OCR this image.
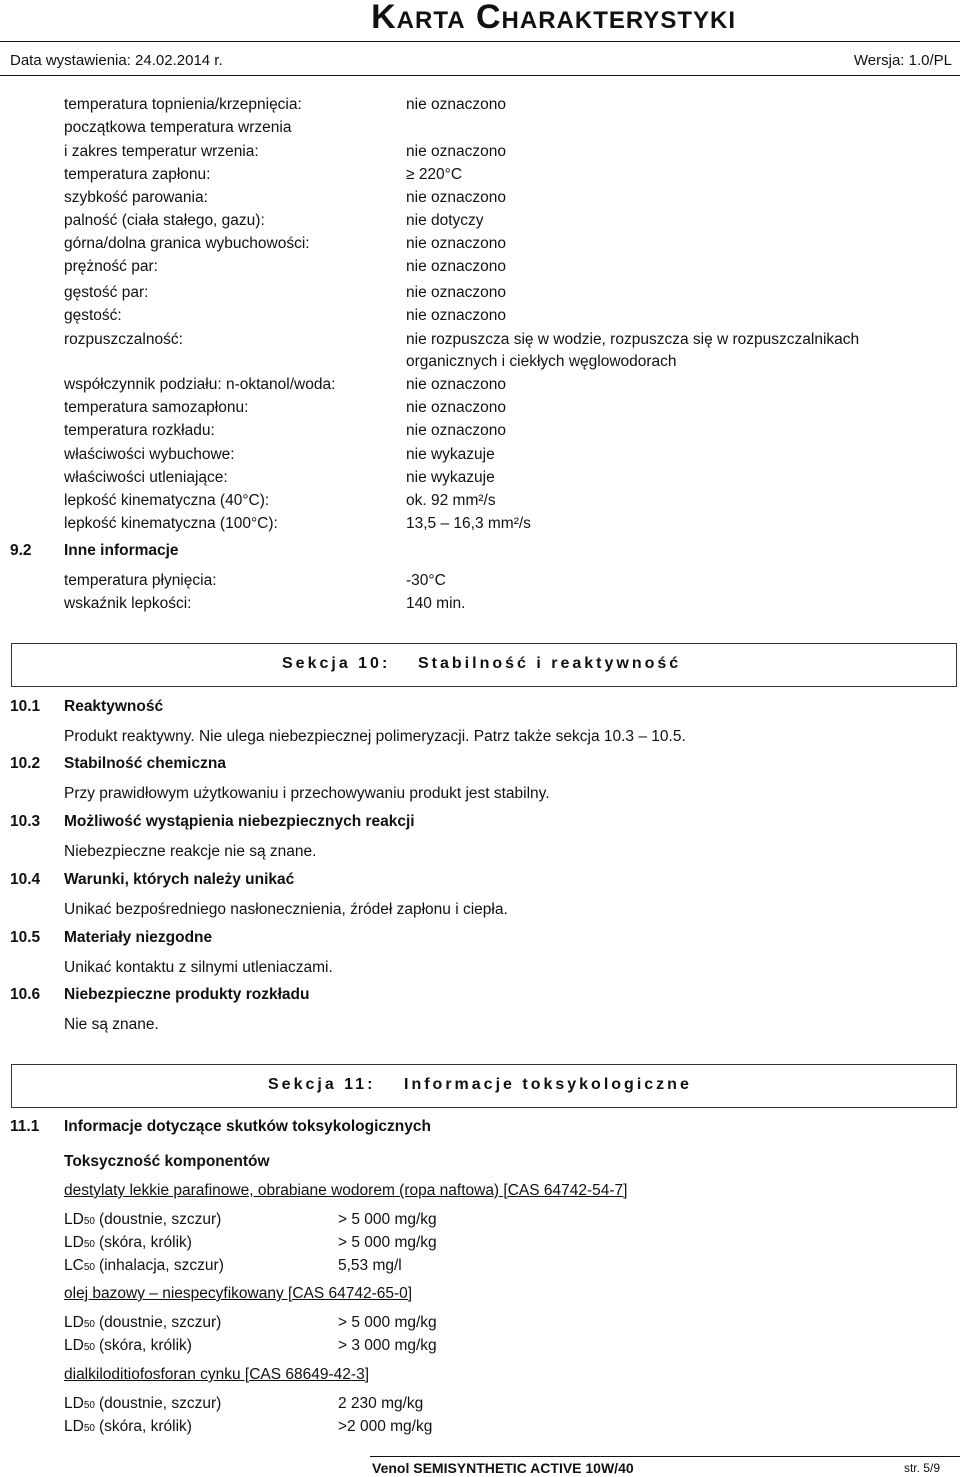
Karta Charakterystyki
Data wystawienia: 24.02.2014 r.	Wersja: 1.0/PL
temperatura topnienia/krzepnięcia:	nie oznaczono
początkowa temperatura wrzenia
i zakres temperatur wrzenia:	nie oznaczono
temperatura zapłonu:	≥ 220°C
szybkość parowania:	nie oznaczono
palność (ciała stałego, gazu):	nie dotyczy
górna/dolna granica wybuchowości:	nie oznaczono
prężność par:	nie oznaczono
gęstość par:	nie oznaczono
gęstość:	nie oznaczono
rozpuszczalność:	nie rozpuszcza się w wodzie, rozpuszcza się w rozpuszczalnikach
organicznych i ciekłych węglowodorach
współczynnik podziału: n-oktanol/woda:	nie oznaczono
temperatura samozapłonu:	nie oznaczono
temperatura rozkładu:	nie oznaczono
właściwości wybuchowe:	nie wykazuje
właściwości utleniające:	nie wykazuje
lepkość kinematyczna (40°C):	ok. 92 mm²/s
lepkość kinematyczna (100°C):	13,5 – 16,3 mm²/s
9.2 Inne informacje
temperatura płynięcia:	-30°C
wskaźnik lepkości:	140 min.
Sekcja 10: Stabilność i reaktywność
10.1 Reaktywność
Produkt reaktywny. Nie ulega niebezpiecznej polimeryzacji. Patrz także sekcja 10.3 – 10.5.
10.2 Stabilność chemiczna
Przy prawidłowym użytkowaniu i przechowywaniu produkt jest stabilny.
10.3 Możliwość wystąpienia niebezpiecznych reakcji
Niebezpieczne reakcje nie są znane.
10.4 Warunki, których należy unikać
Unikać bezpośredniego nasłonecznienia, źródeł zapłonu i ciepła.
10.5 Materiały niezgodne
Unikać kontaktu z silnymi utleniaczami.
10.6 Niebezpieczne produkty rozkładu
Nie są znane.
Sekcja 11: Informacje toksykologiczne
11.1 Informacje dotyczące skutków toksykologicznych
Toksyczność komponentów
destylaty lekkie parafinowe, obrabiane wodorem (ropa naftowa) [CAS 64742-54-7]
LD50 (doustnie, szczur)	> 5 000 mg/kg
LD50 (skóra, królik)	> 5 000 mg/kg
LC50 (inhalacja, szczur)	5,53 mg/l
olej bazowy – niespecyfikowany [CAS 64742-65-0]
LD50 (doustnie, szczur)	> 5 000 mg/kg
LD50 (skóra, królik)	> 3 000 mg/kg
dialkiloditiofosforan cynku [CAS 68649-42-3]
LD50 (doustnie, szczur)	2 230 mg/kg
LD50 (skóra, królik)	>2 000 mg/kg
Venol SEMISYNTHETIC ACTIVE 10W/40	str. 5/9
